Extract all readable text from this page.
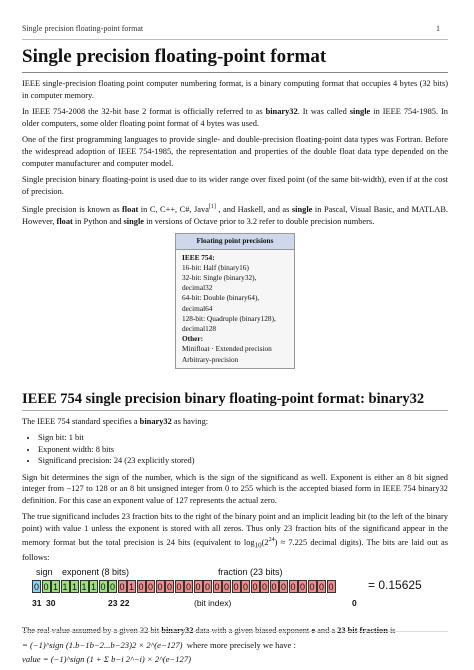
Single precision floating-point format	1
Single precision floating-point format

IEEE single-precision floating point computer numbering format, is a binary computing format that occupies 4 bytes (32 bits) in computer memory.

In IEEE 754-2008 the 32-bit base 2 format is officially referred to as binary32. It was called single in IEEE 754-1985. In older computers, some older floating point format of 4 bytes was used.

One of the first programming languages to provide single- and double-precision floating-point data types was Fortran. Before the widespread adoption of IEEE 754-1985, the representation and properties of the double float data type depended on the computer manufacturer and computer model.

Single precision binary floating-point is used due to its wider range over fixed point (of the same bit-width), even if at the cost of precision.

Single precision is known as float in C, C++, C#, Java[1] , and Haskell, and as single in Pascal, Visual Basic, and MATLAB. However, float in Python and single in versions of Octave prior to 3.2 refer to double precision numbers.

Floating point precisions
IEEE 754:
16-bit: Half (binary16)
32-bit: Single (binary32), decimal32
64-bit: Double (binary64), decimal64
128-bit: Quadruple (binary128),
decimal128
Other:
Minifloat · Extended precision
Arbitrary-precision
IEEE 754 single precision binary floating-point format: binary32

The IEEE 754 standard specifies a binary32 as having:

• Sign bit: 1 bit
• Exponent width: 8 bits
• Significand precision: 24 (23 explicitly stored)

Sign bit determines the sign of the number, which is the sign of the significand as well. Exponent is either an 8 bit signed integer from −127 to 128 or an 8 bit unsigned integer from 0 to 255 which is the accepted biased form in IEEE 754 binary32 definition. For this case an exponent value of 127 represents the actual zero.

The true significand includes 23 fraction bits to the right of the binary point and an implicit leading bit (to the left of the binary point) with value 1 unless the exponent is stored with all zeros. Thus only 23 fraction bits of the significand appear in the memory format but the total precision is 24 bits (equivalent to $\log_{10}(2^{24}) \approx 7.225$ decimal digits). The bits are laid out as follows:

sign exponent (8 bits)	fraction (23 bits)
= 0.15625
31 30	23 22	(bit index)	0
0 0 1 1 1 1 1 0 0 0 1 0 0 0 0 0 0 0 0 0 0 0 0 0 0 0 0 0 0 0 0 0

The real value assumed by a given 32 bit binary32 data with a given biased exponent e and a 23 bit fraction is

= (−1)^sign (1.b−1b−2...b−23)2 × 2^(e−127) where more precisely we have :
value = (−1)^sign (1 + Σ b−i 2^−i) × 2^(e−127)
